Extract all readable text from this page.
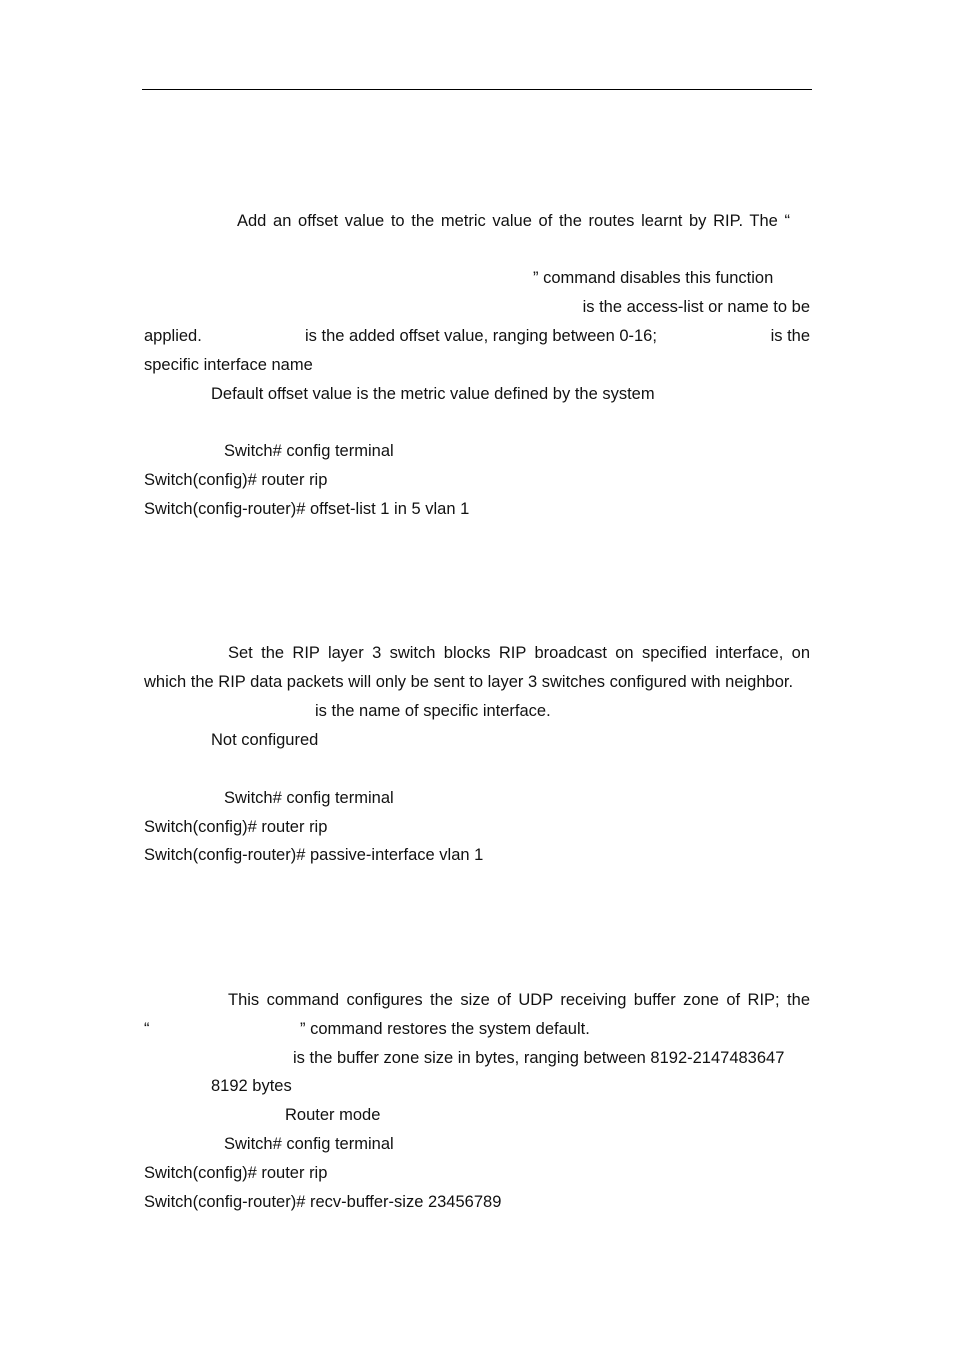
Add an offset value to the metric value of the routes learnt by RIP. The “
” command disables this function
is the access-list or name to be
applied.	is the added offset value, ranging between 0-16;	is the
specific interface name
Default offset value is the metric value defined by the system
Switch# config terminal
Switch(config)# router rip
Switch(config-router)# offset-list 1 in 5 vlan 1
Set the RIP layer 3 switch blocks RIP broadcast on specified interface, on
which the RIP data packets will only be sent to layer 3 switches configured with neighbor.
is the name of specific interface.
Not configured
Switch# config terminal
Switch(config)# router rip
Switch(config-router)# passive-interface vlan 1
This command configures the size of UDP receiving buffer zone of RIP; the
“	” command restores the system default.
is the buffer zone size in bytes, ranging between 8192-2147483647
8192 bytes
Router mode
Switch# config terminal
Switch(config)# router rip
Switch(config-router)# recv-buffer-size 23456789
